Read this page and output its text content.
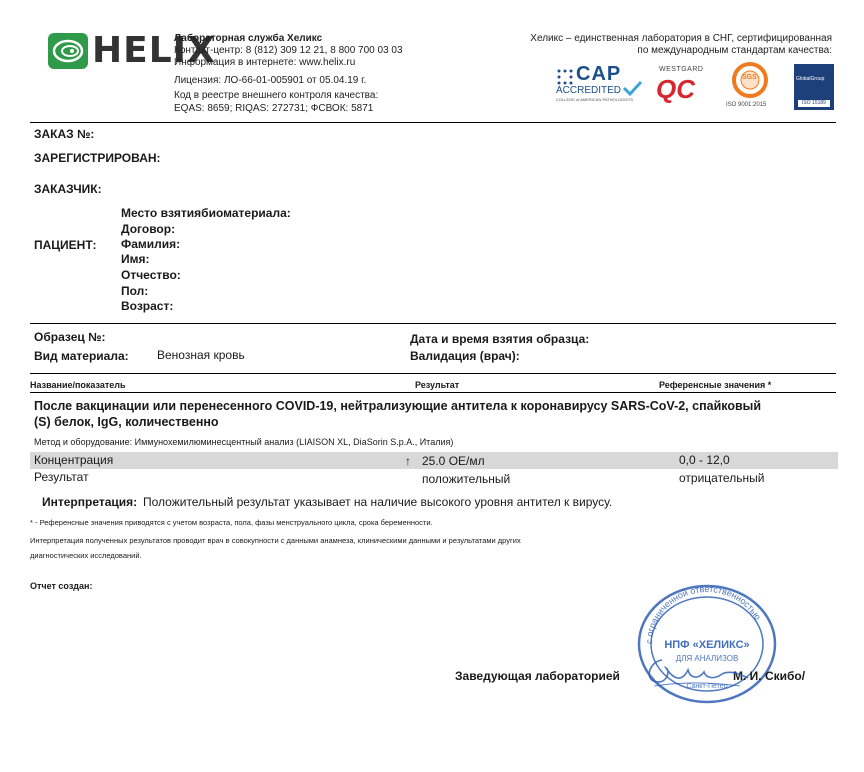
HELIX
Лабораторная служба Хеликс
Контакт-центр: 8 (812) 309 12 21, 8 800 700 03 03
Информация в интернете: www.helix.ru
Лицензия: ЛО-66-01-005901 от 05.04.19 г.
Код в реестре внешнего контроля качества:
EQAS: 8659; RIQAS: 272731; ФСВОК: 5871
Хеликс – единственная лаборатория в СНГ, сертифицированная
по международным стандартам качества:
CAP
ACCREDITED
COLLEGE of AMERICAN PATHOLOGISTS
WESTGARD
QC	SGS
ISO 9001:2015
GlobalGroup
ISO 15189
ЗАКАЗ №:
ЗАРЕГИСТРИРОВАН:
ЗАКАЗЧИК:
ПАЦИЕНТ:
Место взятиябиоматериала:
Договор:
Фамилия:
Имя:
Отчество:
Пол:
Возраст:
Образец №:
Вид материала: Венозная кровь
Дата и время взятия образца:
Валидация (врач):
Название/показатель	Результат	Референсные значения *
После вакцинации или перенесенного COVID-19, нейтрализующие антитела к коронавирусу SARS-CoV-2, спайковый
(S) белок, IgG, количественно
Метод и оборудование: Иммунохемилюминесцентный анализ (LIAISON XL, DiaSorin S.p.A., Италия)
Концентрация	↑ 25.0 ОЕ/мл	0,0 - 12,0
Результат	положительный	отрицательный
Интерпретация: Положительный результат указывает на наличие высокого уровня антител к вирусу.
* - Референсные значения приводятся с учетом возраста, пола, фазы менструального цикла, срока беременности.
Интерпретация полученных результатов проводит врач в совокупности с данными анамнеза, клиническими данными и результатами других
диагностических исследований.
Отчет создан:
с ограниченной ответственностью
НПФ «ХЕЛИКС»
ДЛЯ АНАЛИЗОВ
Санкт-Петер
Заведующая лабораторией	М. И. Скибо/
